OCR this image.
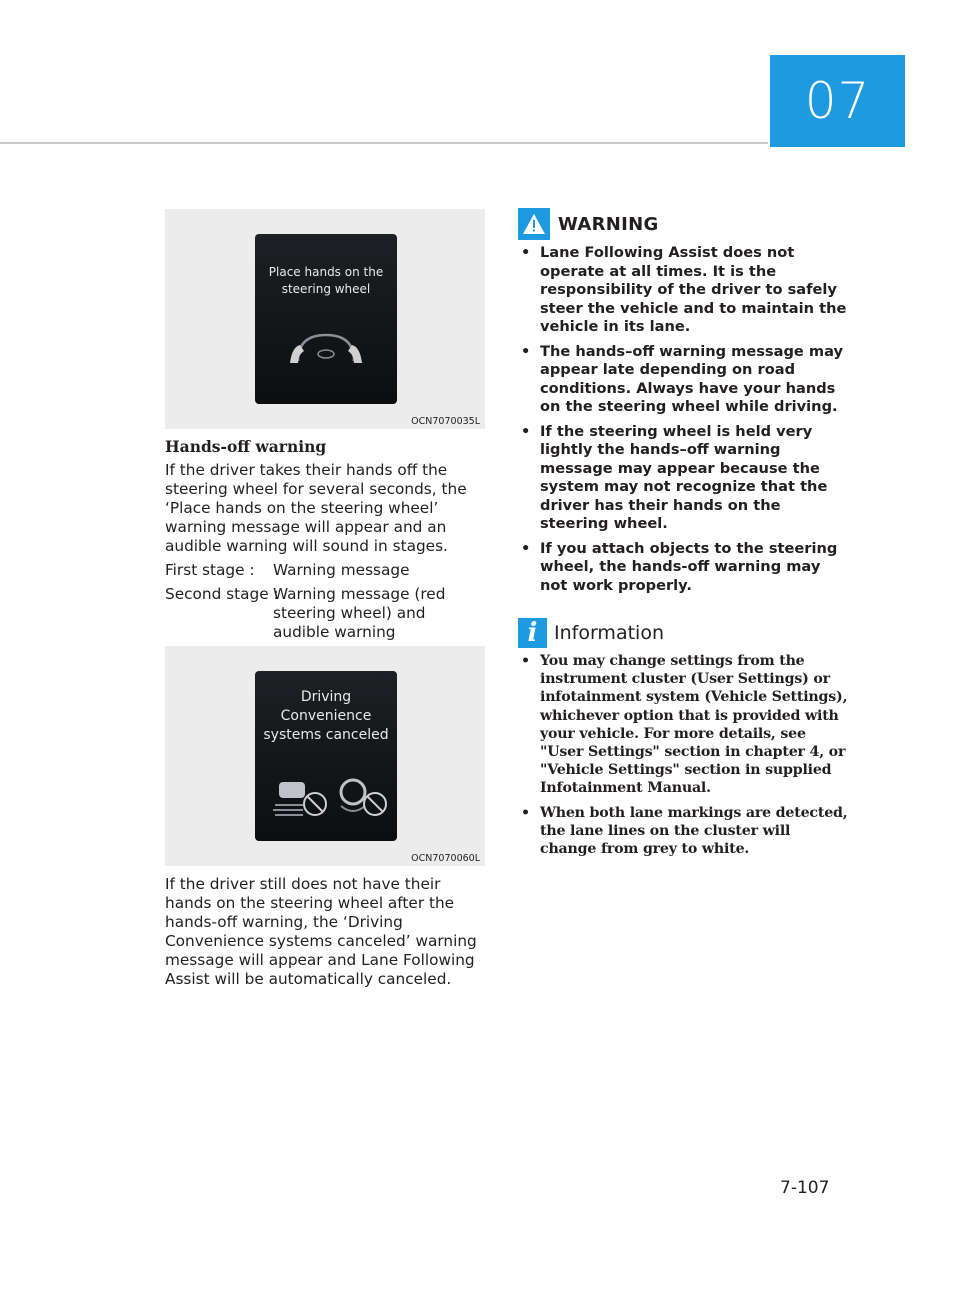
07
Place hands on the steering wheel
OCN7070035L
Hands-off warning

If the driver takes their hands off the steering wheel for several seconds, the ‘Place hands on the steering wheel’ warning message will appear and an audible warning will sound in stages.

First stage : Warning message
Second stage :
Warning message (red steering wheel) and audible warning
Driving Convenience systems canceled
OCN7070060L

If the driver still does not have their hands on the steering wheel after the hands-off warning, the ‘Driving Convenience systems canceled’ warning message will appear and Lane Following Assist will be automatically canceled.

WARNING
• Lane Following Assist does not operate at all times. It is the responsibility of the driver to safely steer the vehicle and to maintain the vehicle in its lane.
• The hands–off warning message may appear late depending on road conditions. Always have your hands on the steering wheel while driving.
• If the steering wheel is held very lightly the hands–off warning message may appear because the system may not recognize that the driver has their hands on the steering wheel.
• If you attach objects to the steering wheel, the hands-off warning may not work properly.
i Information
• You may change settings from the instrument cluster (User Settings) or infotainment system (Vehicle Settings), whichever option that is provided with your vehicle. For more details, see "User Settings" section in chapter 4, or "Vehicle Settings" section in supplied Infotainment Manual.
• When both lane markings are detected, the lane lines on the cluster will change from grey to white.
7-107
